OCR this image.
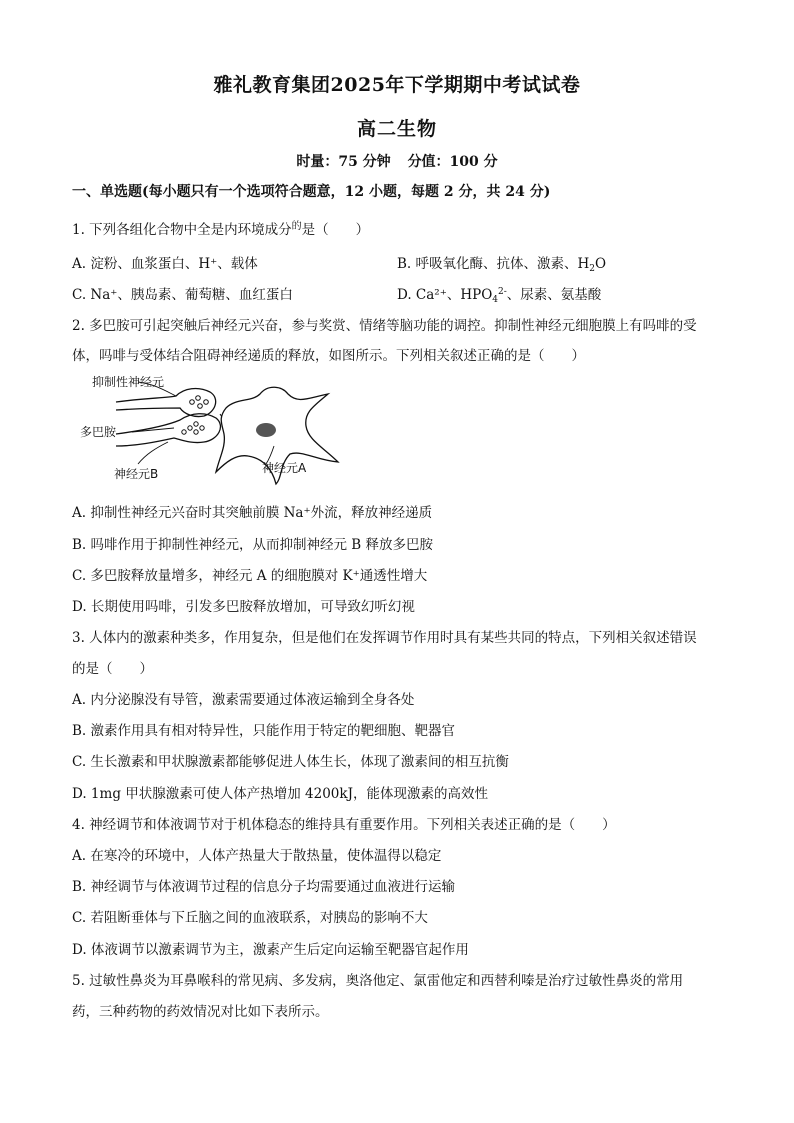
雅礼教育集团2025年下学期期中考试试卷
高二生物
时量：75 分钟 分值：100 分
一、单选题(每小题只有一个选项符合题意，12 小题，每题 2 分，共 24 分)
1. 下列各组化合物中全是内环境成分$^的$是（　　）
A. 淀粉、血浆蛋白、H⁺、载体	B. 呼吸氧化酶、抗体、激素、$H_2O$
C. Na⁺、胰岛素、葡萄糖、血红蛋白	D. Ca²⁺、$HPO_4^{2-}$、尿素、氨基酸
2. 多巴胺可引起突触后神经元兴奋，参与奖赏、情绪等脑功能的调控。抑制性神经元细胞膜上有吗啡的受
体，吗啡与受体结合阻碍神经递质的释放，如图所示。下列相关叙述正确的是（　　）
抑制性神经元
多巴胺
神经元B	神经元A
A. 抑制性神经元兴奋时其突触前膜 Na⁺外流，释放神经递质
B. 吗啡作用于抑制性神经元，从而抑制神经元 B 释放多巴胺
C. 多巴胺释放量增多，神经元 A 的细胞膜对 K⁺通透性增大
D. 长期使用吗啡，引发多巴胺释放增加，可导致幻听幻视
3. 人体内的激素种类多，作用复杂，但是他们在发挥调节作用时具有某些共同的特点，下列相关叙述错误
的是（　　）
A. 内分泌腺没有导管，激素需要通过体液运输到全身各处
B. 激素作用具有相对特异性，只能作用于特定的靶细胞、靶器官
C. 生长激素和甲状腺激素都能够促进人体生长，体现了激素间的相互抗衡
D. 1mg 甲状腺激素可使人体产热增加 4200kJ，能体现激素的高效性
4. 神经调节和体液调节对于机体稳态的维持具有重要作用。下列相关表述正确的是（　　）
A. 在寒冷的环境中，人体产热量大于散热量，使体温得以稳定
B. 神经调节与体液调节过程的信息分子均需要通过血液进行运输
C. 若阻断垂体与下丘脑之间的血液联系，对胰岛的影响不大
D. 体液调节以激素调节为主，激素产生后定向运输至靶器官起作用
5. 过敏性鼻炎为耳鼻喉科的常见病、多发病，奥洛他定、氯雷他定和西替利嗪是治疗过敏性鼻炎的常用
药，三种药物的药效情况对比如下表所示。
